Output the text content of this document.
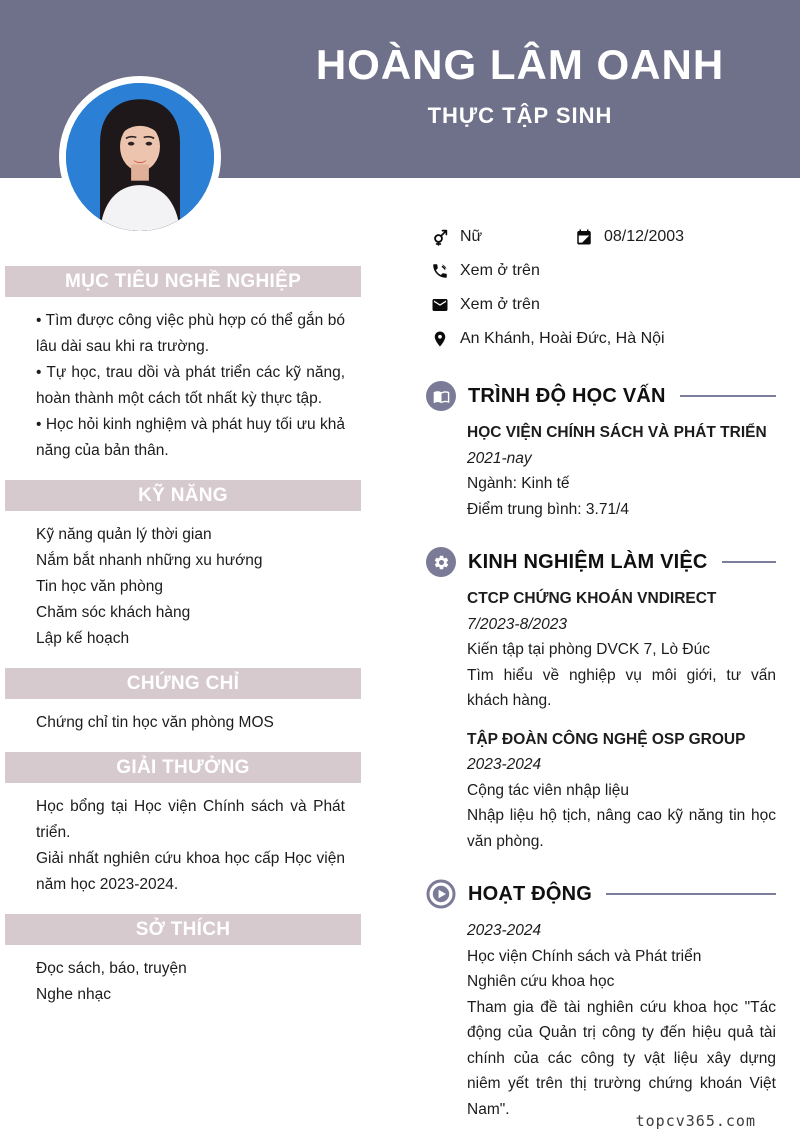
HOÀNG LÂM OANH
THỰC TẬP SINH
MỤC TIÊU NGHỀ NGHIỆP

• Tìm được công việc phù hợp có thể gắn bó lâu dài sau khi ra trường.

• Tự học, trau dồi và phát triển các kỹ năng, hoàn thành một cách tốt nhất kỳ thực tập.

• Học hỏi kinh nghiệm và phát huy tối ưu khả năng của bản thân.

KỸ NĂNG

Kỹ năng quản lý thời gian

Nắm bắt nhanh những xu hướng

Tin học văn phòng

Chăm sóc khách hàng

Lập kế hoạch

CHỨNG CHỈ

Chứng chỉ tin học văn phòng MOS

GIẢI THƯỞNG

Học bổng tại Học viện Chính sách và Phát triển.

Giải nhất nghiên cứu khoa học cấp Học viện năm học 2023-2024.

SỞ THÍCH

Đọc sách, báo, truyện

Nghe nhạc

Nữ	08/12/2003
Xem ở trên
Xem ở trên
An Khánh, Hoài Đức, Hà Nội
TRÌNH ĐỘ HỌC VẤN
HỌC VIỆN CHÍNH SÁCH VÀ PHÁT TRIỂN
2021-nay
Ngành: Kinh tế
Điểm trung bình: 3.71/4
KINH NGHIỆM LÀM VIỆC
CTCP CHỨNG KHOÁN VNDIRECT
7/2023-8/2023
Kiến tập tại phòng DVCK 7, Lò Đúc
Tìm hiểu về nghiệp vụ môi giới, tư vấn khách hàng.
TẬP ĐOÀN CÔNG NGHỆ OSP GROUP
2023-2024
Cộng tác viên nhập liệu
Nhập liệu hộ tịch, nâng cao kỹ năng tin học văn phòng.
HOẠT ĐỘNG
2023-2024
Học viện Chính sách và Phát triển
Nghiên cứu khoa học
Tham gia đề tài nghiên cứu khoa học "Tác động của Quản trị công ty đến hiệu quả tài chính của các công ty vật liệu xây dựng niêm yết trên thị trường chứng khoán Việt Nam".
topcv365.com
